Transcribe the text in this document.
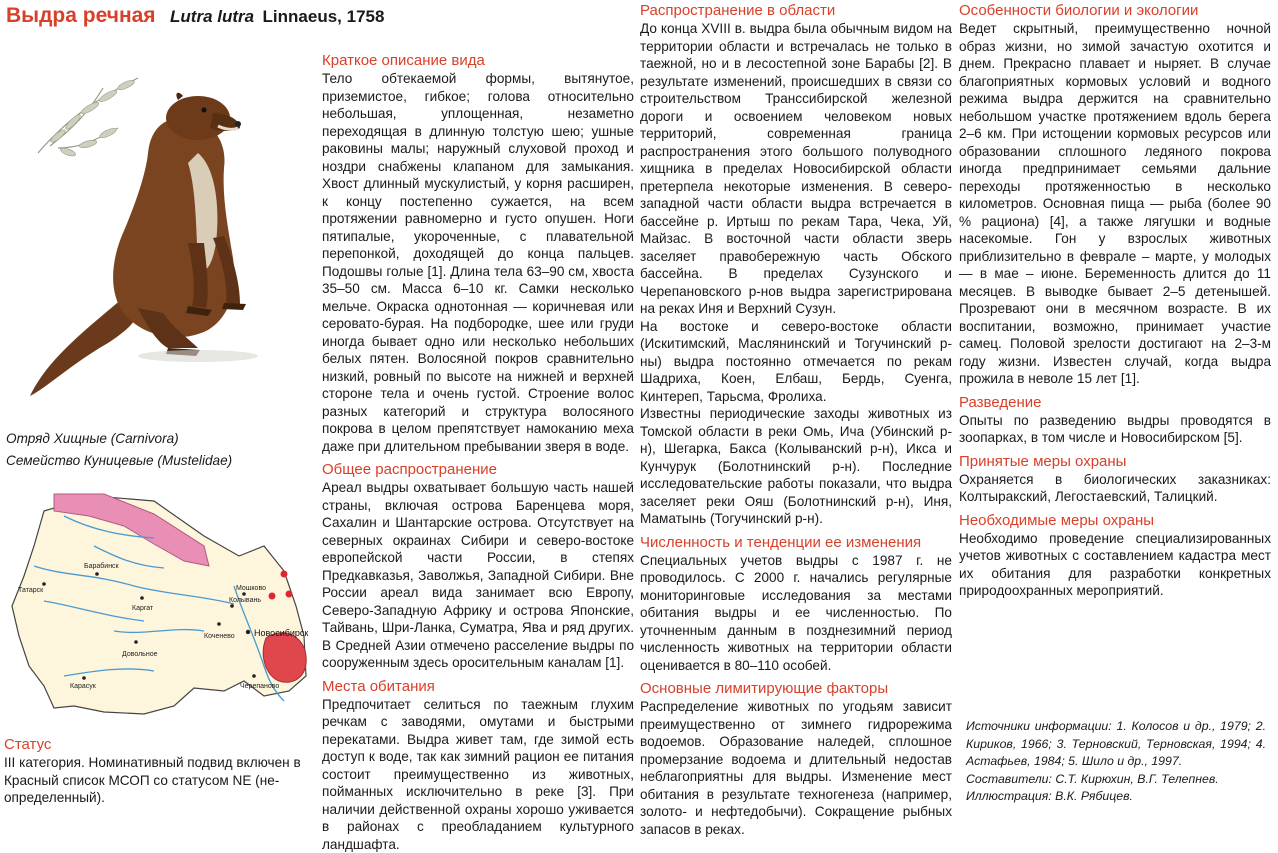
Выдра речная Lutra lutra Linnaeus, 1758
Отряд Хищные (Carnivora)
Семейство Куницевые (Mustelidae)
Татарск
Барабинск
Каргат
Колывань
Мошково
Коченево
Довольное
Карасук	Черепаново
Новосибирск
Статус

III категория. Номинативный подвид включен в Красный список МСОП со статусом NE (не-определенный).

Краткое описание вида

Тело обтекаемой формы, вытянутое, приземистое, гибкое; голова относительно небольшая, уплощенная, незаметно переходящая в длинную толстую шею; ушные раковины малы; наружный слуховой проход и ноздри снабжены клапаном для замыкания. Хвост длинный мускулистый, у корня расширен, к концу постепенно сужается, на всем протяжении равномерно и густо опушен. Ноги пятипалые, укороченные, с плавательной перепонкой, доходящей до конца пальцев. Подошвы голые [1]. Длина тела 63–90 см, хвоста 35–50 см. Масса 6–10 кг. Самки несколько мельче. Окраска однотонная — коричневая или серовато-бурая. На подбородке, шее или груди иногда бывает одно или несколько небольших белых пятен. Волосяной покров сравнительно низкий, ровный по высоте на нижней и верхней стороне тела и очень густой. Строение волос разных категорий и структура волосяного покрова в целом препятствует намоканию меха даже при длительном пребывании зверя в воде.

Общее распространение

Ареал выдры охватывает большую часть нашей страны, включая острова Баренцева моря, Сахалин и Шантарские острова. Отсутствует на северных окраинах Сибири и северо-востоке европейской части России, в степях Предкавказья, Заволжья, Западной Сибири. Вне России ареал вида занимает всю Европу, Северо-Западную Африку и острова Японские, Тайвань, Шри-Ланка, Суматра, Ява и ряд других. В Средней Азии отмечено расселение выдры по сооруженным здесь оросительным каналам [1].

Места обитания

Предпочитает селиться по таежным глухим речкам с заводями, омутами и быстрыми перекатами. Выдра живет там, где зимой есть доступ к воде, так как зимний рацион ее питания состоит преимущественно из животных, пойманных исключительно в реке [3]. При наличии действенной охраны хорошо уживается в районах с преобладанием культурного ландшафта.

Распространение в области

До конца XVIII в. выдра была обычным видом на территории области и встречалась не только в таежной, но и в лесостепной зоне Барабы [2]. В результате изменений, происшедших в связи со строительством Транссибирской железной дороги и освоением человеком новых территорий, современная граница распространения этого большого полуводного хищника в пределах Новосибирской области претерпела некоторые изменения. В северо-западной части области выдра встречается в бассейне р. Иртыш по рекам Тара, Чека, Уй, Майзас. В восточной части области зверь заселяет правобережную часть Обского бассейна. В пределах Сузунского и Черепановского р-нов выдра зарегистрирована на реках Иня и Верхний Сузун.

На востоке и северо-востоке области (Искитимский, Маслянинский и Тогучинский р-ны) выдра постоянно отмечается по рекам Шадриха, Коен, Елбаш, Бердь, Суенга, Кинтереп, Тарьсма, Фролиха.

Известны периодические заходы животных из Томской области в реки Омь, Ича (Убинский р-н), Шегарка, Бакса (Колыванский р-н), Икса и Кунчурук (Болотнинский р-н). Последние исследовательские работы показали, что выдра заселяет реки Ояш (Болотнинский р-н), Иня, Маматынь (Тогучинский р-н).

Численность и тенденции ее изменения

Специальных учетов выдры с 1987 г. не проводилось. С 2000 г. начались регулярные мониторинговые исследования за местами обитания выдры и ее численностью. По уточненным данным в позднезимний период численность животных на территории области оценивается в 80–110 особей.

Основные лимитирующие факторы

Распределение животных по угодьям зависит преимущественно от зимнего гидрорежима водоемов. Образование наледей, сплошное промерзание водоема и длительный недостав неблагоприятны для выдры. Изменение мест обитания в результате техногенеза (например, золото- и нефтедобычи). Сокращение рыбных запасов в реках.

Особенности биологии и экологии

Ведет скрытный, преимущественно ночной образ жизни, но зимой зачастую охотится и днем. Прекрасно плавает и ныряет. В случае благоприятных кормовых условий и водного режима выдра держится на сравнительно небольшом участке протяжением вдоль берега 2–6 км. При истощении кормовых ресурсов или образовании сплошного ледяного покрова иногда предпринимает семьями дальние переходы протяженностью в несколько километров. Основная пища — рыба (более 90 % рациона) [4], а также лягушки и водные насекомые. Гон у взрослых животных приблизительно в феврале – марте, у молодых — в мае – июне. Беременность длится до 11 месяцев. В выводке бывает 2–5 детенышей. Прозревают они в месячном возрасте. В их воспитании, возможно, принимает участие самец. Половой зрелости достигают на 2–3-м году жизни. Известен случай, когда выдра прожила в неволе 15 лет [1].

Разведение

Опыты по разведению выдры проводятся в зоопарках, в том числе и Новосибирском [5].

Принятые меры охраны

Охраняется в биологических заказниках: Колтыракский, Легостаевский, Талицкий.

Необходимые меры охраны

Необходимо проведение специализированных учетов животных с составлением кадастра мест их обитания для разработки конкретных природоохранных мероприятий.

Источники информации: 1. Колосов и др., 1979; 2. Кириков, 1966; 3. Терновский, Терновская, 1994; 4. Астафьев, 1984; 5. Шило и др., 1997.
Составители: С.Т. Кирюхин, В.Г. Телепнев.
Иллюстрация: В.К. Рябицев.
